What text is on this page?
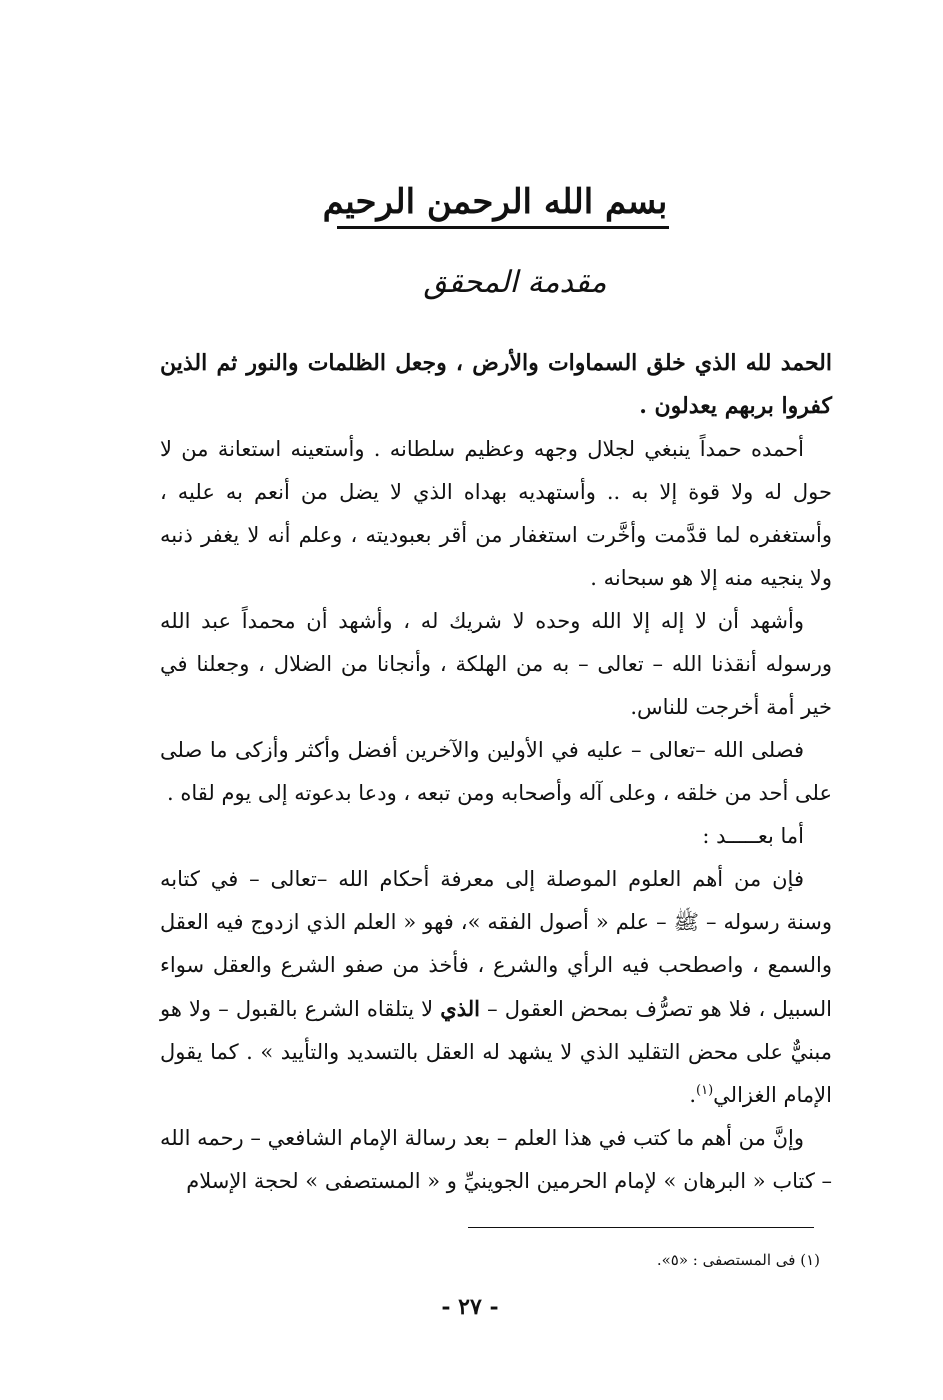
بسم الله الرحمن الرحيم
مقدمة المحقق

الحمد لله الذي خلق السماوات والأرض ، وجعل الظلمات والنور ثم الذين كفروا بربهم يعدلون .

أحمده حمداً ينبغي لجلال وجهه وعظيم سلطانه . وأستعينه استعانة من لا حول له ولا قوة إلا به .. وأستهديه بهداه الذي لا يضل من أنعم به عليه ، وأستغفره لما قدَّمت وأخَّرت استغفار من أقر بعبوديته ، وعلم أنه لا يغفر ذنبه ولا ينجيه منه إلا هو سبحانه .

وأشهد أن لا إله إلا الله وحده لا شريك له ، وأشهد أن محمداً عبد الله ورسوله أنقذنا الله – تعالى – به من الهلكة ، وأنجانا من الضلال ، وجعلنا في خير أمة أخرجت للناس.

فصلى الله –تعالى – عليه في الأولين والآخرين أفضل وأكثر وأزكى ما صلى على أحد من خلقه ، وعلى آله وأصحابه ومن تبعه ، ودعا بدعوته إلى يوم لقاه .

أما بعـــــد :

فإن من أهم العلوم الموصلة إلى معرفة أحكام الله –تعالى – في كتابه وسنة رسوله – ﷺ – علم « أصول الفقه »، فهو « العلم الذي ازدوج فيه العقل والسمع ، واصطحب فيه الرأي والشرع ، فأخذ من صفو الشرع والعقل سواء السبيل ، فلا هو تصرُّف بمحض العقول – الذي لا يتلقاه الشرع بالقبول – ولا هو مبنيٌّ على محض التقليد الذي لا يشهد له العقل بالتسديد والتأييد » . كما يقول الإمام الغزالي$^{(١)}$.

وإنَّ من أهم ما كتب في هذا العلم – بعد رسالة الإمام الشافعي – رحمه الله – كتاب « البرهان » لإمام الحرمين الجوينيِّ و « المستصفى » لحجة الإسلام

(١) فى المستصفى : «٥».
- ٢٧ -
